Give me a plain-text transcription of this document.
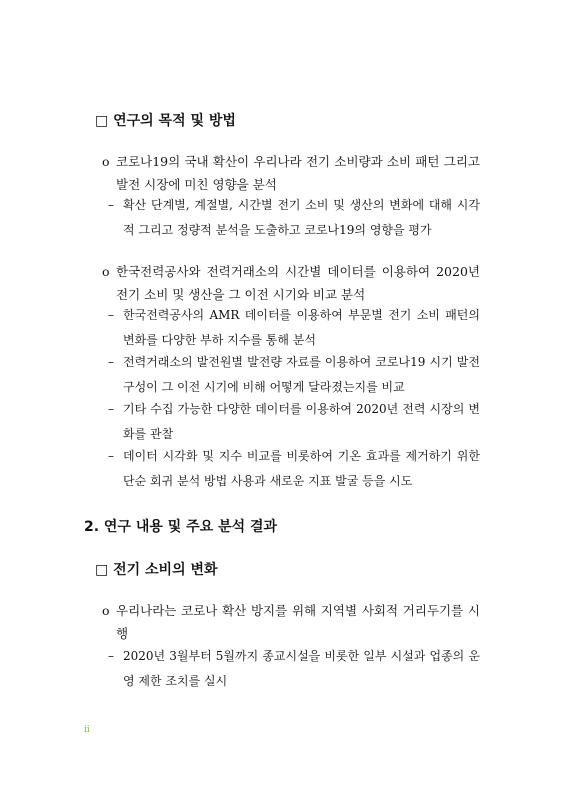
□ 연구의 목적 및 방법
ο 코로나19의 국내 확산이 우리나라 전기 소비량과 소비 패턴 그리고 발전 시장에 미친 영향을 분석
– 확산 단계별, 계절별, 시간별 전기 소비 및 생산의 변화에 대해 시각적 그리고 정량적 분석을 도출하고 코로나19의 영향을 평가
ο 한국전력공사와 전력거래소의 시간별 데이터를 이용하여 2020년 전기 소비 및 생산을 그 이전 시기와 비교 분석
– 한국전력공사의 AMR 데이터를 이용하여 부문별 전기 소비 패턴의 변화를 다양한 부하 지수를 통해 분석
– 전력거래소의 발전원별 발전량 자료를 이용하여 코로나19 시기 발전 구성이 그 이전 시기에 비해 어떻게 달라졌는지를 비교
– 기타 수집 가능한 다양한 데이터를 이용하여 2020년 전력 시장의 변화를 관찰
– 데이터 시각화 및 지수 비교를 비롯하여 기온 효과를 제거하기 위한 단순 회귀 분석 방법 사용과 새로운 지표 발굴 등을 시도
2. 연구 내용 및 주요 분석 결과
□ 전기 소비의 변화
ο 우리나라는 코로나 확산 방지를 위해 지역별 사회적 거리두기를 시행
– 2020년 3월부터 5월까지 종교시설을 비롯한 일부 시설과 업종의 운영 제한 조치를 실시
ii
